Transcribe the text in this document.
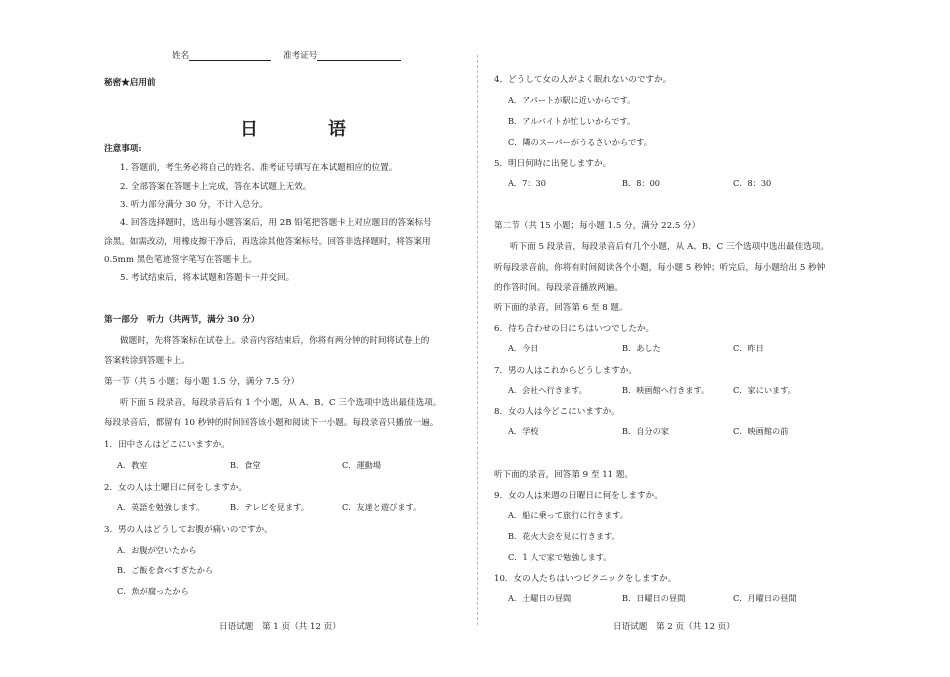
姓名	准考证号
秘密★启用前
日　语
注意事项:
1. 答题前，考生务必将自己的姓名、准考证号填写在本试题相应的位置。
2. 全部答案在答题卡上完成，答在本试题上无效。
3. 听力部分满分 30 分，不计入总分。
4. 回答选择题时，选出每小题答案后，用 2B 铅笔把答题卡上对应题目的答案标号
涂黑。如需改动，用橡皮擦干净后，再选涂其他答案标号。回答非选择题时，将答案用
0.5mm 黑色笔迹签字笔写在答题卡上。
5. 考试结束后，将本试题和答题卡一并交回。
第一部分　听力（共两节，满分 30 分）
做题时，先将答案标在试卷上。录音内容结束后，你将有两分钟的时间将试卷上的
答案转涂到答题卡上。
第一节（共 5 小题；每小题 1.5 分，满分 7.5 分）
听下面 5 段录音，每段录音后有 1 个小题，从 A、B、C 三个选项中选出最佳选项。
每段录音后，都留有 10 秒钟的时间回答该小题和阅读下一小题。每段录音只播放一遍。
1．田中さんはどこにいますか。
A．教室	B．食堂	C．運動場
2．女の人は土曜日に何をしますか。
A．英語を勉強します。	B．テレビを見ます。	C．友達と遊びます。
3．男の人はどうしてお腹が痛いのですか。
A．お腹が空いたから
B．ご飯を食べすぎたから
C．魚が腐ったから
日语试题　第 1 页（共 12 页）
4．どうして女の人がよく眠れないのですか。
A．アパートが駅に近いからです。
B．アルバイトが忙しいからです。
C．隣のスーパーがうるさいからです。
5．明日何時に出発しますか。
A．7：30	B．8：00	C．8：30
第二节（共 15 小题；每小题 1.5 分，满分 22.5 分）
听下面 5 段录音，每段录音后有几个小题，从 A、B、C 三个选项中选出最佳选项。
听每段录音前，你将有时间阅读各个小题，每小题 5 秒钟；听完后，每小题给出 5 秒钟
的作答时间。每段录音播放两遍。
听下面的录音，回答第 6 至 8 题。
6．待ち合わせの日にちはいつでしたか。
A．今日	B．あした	C．昨日
7．男の人はこれからどうしますか。
A．会社へ行きます。	B．映画館へ行きます。	C．家にいます。
8．女の人は今どこにいますか。
A．学校	B．自分の家	C．映画館の前
听下面的录音，回答第 9 至 11 题。
9．女の人は来週の日曜日に何をしますか。
A．船に乗って旅行に行きます。
B．花火大会を見に行きます。
C．1 人で家で勉強します。
10．女の人たちはいつピクニックをしますか。
A．土曜日の昼間	B．日曜日の昼間	C．月曜日の昼間
日语试题　第 2 页（共 12 页）
